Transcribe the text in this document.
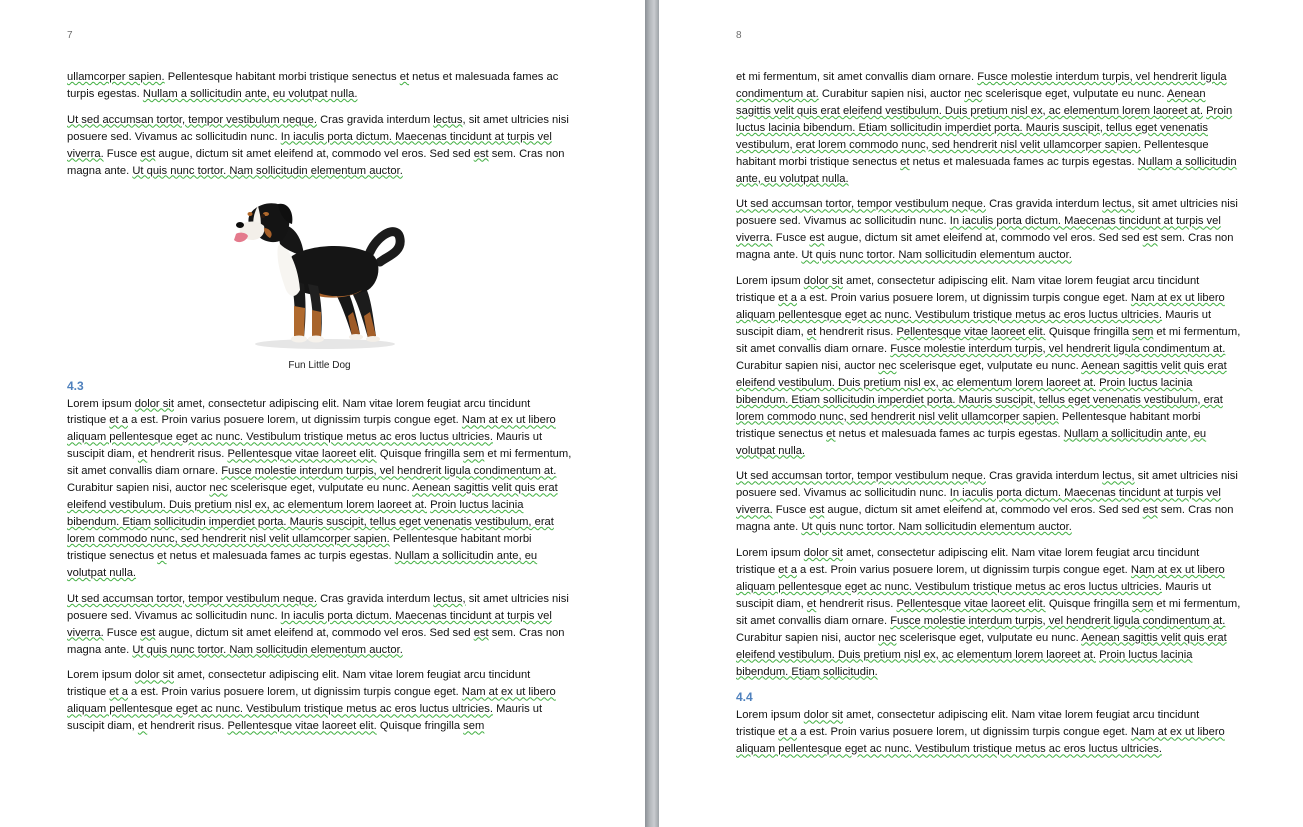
7

ullamcorper sapien. Pellentesque habitant morbi tristique senectus et netus et malesuada fames ac turpis egestas. Nullam a sollicitudin ante, eu volutpat nulla.

Ut sed accumsan tortor, tempor vestibulum neque. Cras gravida interdum lectus, sit amet ultricies nisi posuere sed. Vivamus ac sollicitudin nunc. In iaculis porta dictum. Maecenas tincidunt at turpis vel viverra. Fusce est augue, dictum sit amet eleifend at, commodo vel eros. Sed sed est sem. Cras non magna ante. Ut quis nunc tortor. Nam sollicitudin elementum auctor.

Fun Little Dog
4.3

Lorem ipsum dolor sit amet, consectetur adipiscing elit. Nam vitae lorem feugiat arcu tincidunt tristique et a a est. Proin varius posuere lorem, ut dignissim turpis congue eget. Nam at ex ut libero aliquam pellentesque eget ac nunc. Vestibulum tristique metus ac eros luctus ultricies. Mauris ut suscipit diam, et hendrerit risus. Pellentesque vitae laoreet elit. Quisque fringilla sem et mi fermentum, sit amet convallis diam ornare. Fusce molestie interdum turpis, vel hendrerit ligula condimentum at. Curabitur sapien nisi, auctor nec scelerisque eget, vulputate eu nunc. Aenean sagittis velit quis erat eleifend vestibulum. Duis pretium nisl ex, ac elementum lorem laoreet at. Proin luctus lacinia bibendum. Etiam sollicitudin imperdiet porta. Mauris suscipit, tellus eget venenatis vestibulum, erat lorem commodo nunc, sed hendrerit nisl velit ullamcorper sapien. Pellentesque habitant morbi tristique senectus et netus et malesuada fames ac turpis egestas. Nullam a sollicitudin ante, eu volutpat nulla.

Ut sed accumsan tortor, tempor vestibulum neque. Cras gravida interdum lectus, sit amet ultricies nisi posuere sed. Vivamus ac sollicitudin nunc. In iaculis porta dictum. Maecenas tincidunt at turpis vel viverra. Fusce est augue, dictum sit amet eleifend at, commodo vel eros. Sed sed est sem. Cras non magna ante. Ut quis nunc tortor. Nam sollicitudin elementum auctor.

Lorem ipsum dolor sit amet, consectetur adipiscing elit. Nam vitae lorem feugiat arcu tincidunt tristique et a a est. Proin varius posuere lorem, ut dignissim turpis congue eget. Nam at ex ut libero aliquam pellentesque eget ac nunc. Vestibulum tristique metus ac eros luctus ultricies. Mauris ut suscipit diam, et hendrerit risus. Pellentesque vitae laoreet elit. Quisque fringilla sem

8

et mi fermentum, sit amet convallis diam ornare. Fusce molestie interdum turpis, vel hendrerit ligula condimentum at. Curabitur sapien nisi, auctor nec scelerisque eget, vulputate eu nunc. Aenean sagittis velit quis erat eleifend vestibulum. Duis pretium nisl ex, ac elementum lorem laoreet at. Proin luctus lacinia bibendum. Etiam sollicitudin imperdiet porta. Mauris suscipit, tellus eget venenatis vestibulum, erat lorem commodo nunc, sed hendrerit nisl velit ullamcorper sapien. Pellentesque habitant morbi tristique senectus et netus et malesuada fames ac turpis egestas. Nullam a sollicitudin ante, eu volutpat nulla.

Ut sed accumsan tortor, tempor vestibulum neque. Cras gravida interdum lectus, sit amet ultricies nisi posuere sed. Vivamus ac sollicitudin nunc. In iaculis porta dictum. Maecenas tincidunt at turpis vel viverra. Fusce est augue, dictum sit amet eleifend at, commodo vel eros. Sed sed est sem. Cras non magna ante. Ut quis nunc tortor. Nam sollicitudin elementum auctor.

Lorem ipsum dolor sit amet, consectetur adipiscing elit. Nam vitae lorem feugiat arcu tincidunt tristique et a a est. Proin varius posuere lorem, ut dignissim turpis congue eget. Nam at ex ut libero aliquam pellentesque eget ac nunc. Vestibulum tristique metus ac eros luctus ultricies. Mauris ut suscipit diam, et hendrerit risus. Pellentesque vitae laoreet elit. Quisque fringilla sem et mi fermentum, sit amet convallis diam ornare. Fusce molestie interdum turpis, vel hendrerit ligula condimentum at. Curabitur sapien nisi, auctor nec scelerisque eget, vulputate eu nunc. Aenean sagittis velit quis erat eleifend vestibulum. Duis pretium nisl ex, ac elementum lorem laoreet at. Proin luctus lacinia bibendum. Etiam sollicitudin imperdiet porta. Mauris suscipit, tellus eget venenatis vestibulum, erat lorem commodo nunc, sed hendrerit nisl velit ullamcorper sapien. Pellentesque habitant morbi tristique senectus et netus et malesuada fames ac turpis egestas. Nullam a sollicitudin ante, eu volutpat nulla.

Ut sed accumsan tortor, tempor vestibulum neque. Cras gravida interdum lectus, sit amet ultricies nisi posuere sed. Vivamus ac sollicitudin nunc. In iaculis porta dictum. Maecenas tincidunt at turpis vel viverra. Fusce est augue, dictum sit amet eleifend at, commodo vel eros. Sed sed est sem. Cras non magna ante. Ut quis nunc tortor. Nam sollicitudin elementum auctor.

Lorem ipsum dolor sit amet, consectetur adipiscing elit. Nam vitae lorem feugiat arcu tincidunt tristique et a a est. Proin varius posuere lorem, ut dignissim turpis congue eget. Nam at ex ut libero aliquam pellentesque eget ac nunc. Vestibulum tristique metus ac eros luctus ultricies. Mauris ut suscipit diam, et hendrerit risus. Pellentesque vitae laoreet elit. Quisque fringilla sem et mi fermentum, sit amet convallis diam ornare. Fusce molestie interdum turpis, vel hendrerit ligula condimentum at. Curabitur sapien nisi, auctor nec scelerisque eget, vulputate eu nunc. Aenean sagittis velit quis erat eleifend vestibulum. Duis pretium nisl ex, ac elementum lorem laoreet at. Proin luctus lacinia bibendum. Etiam sollicitudin.

4.4

Lorem ipsum dolor sit amet, consectetur adipiscing elit. Nam vitae lorem feugiat arcu tincidunt tristique et a a est. Proin varius posuere lorem, ut dignissim turpis congue eget. Nam at ex ut libero aliquam pellentesque eget ac nunc. Vestibulum tristique metus ac eros luctus ultricies.
